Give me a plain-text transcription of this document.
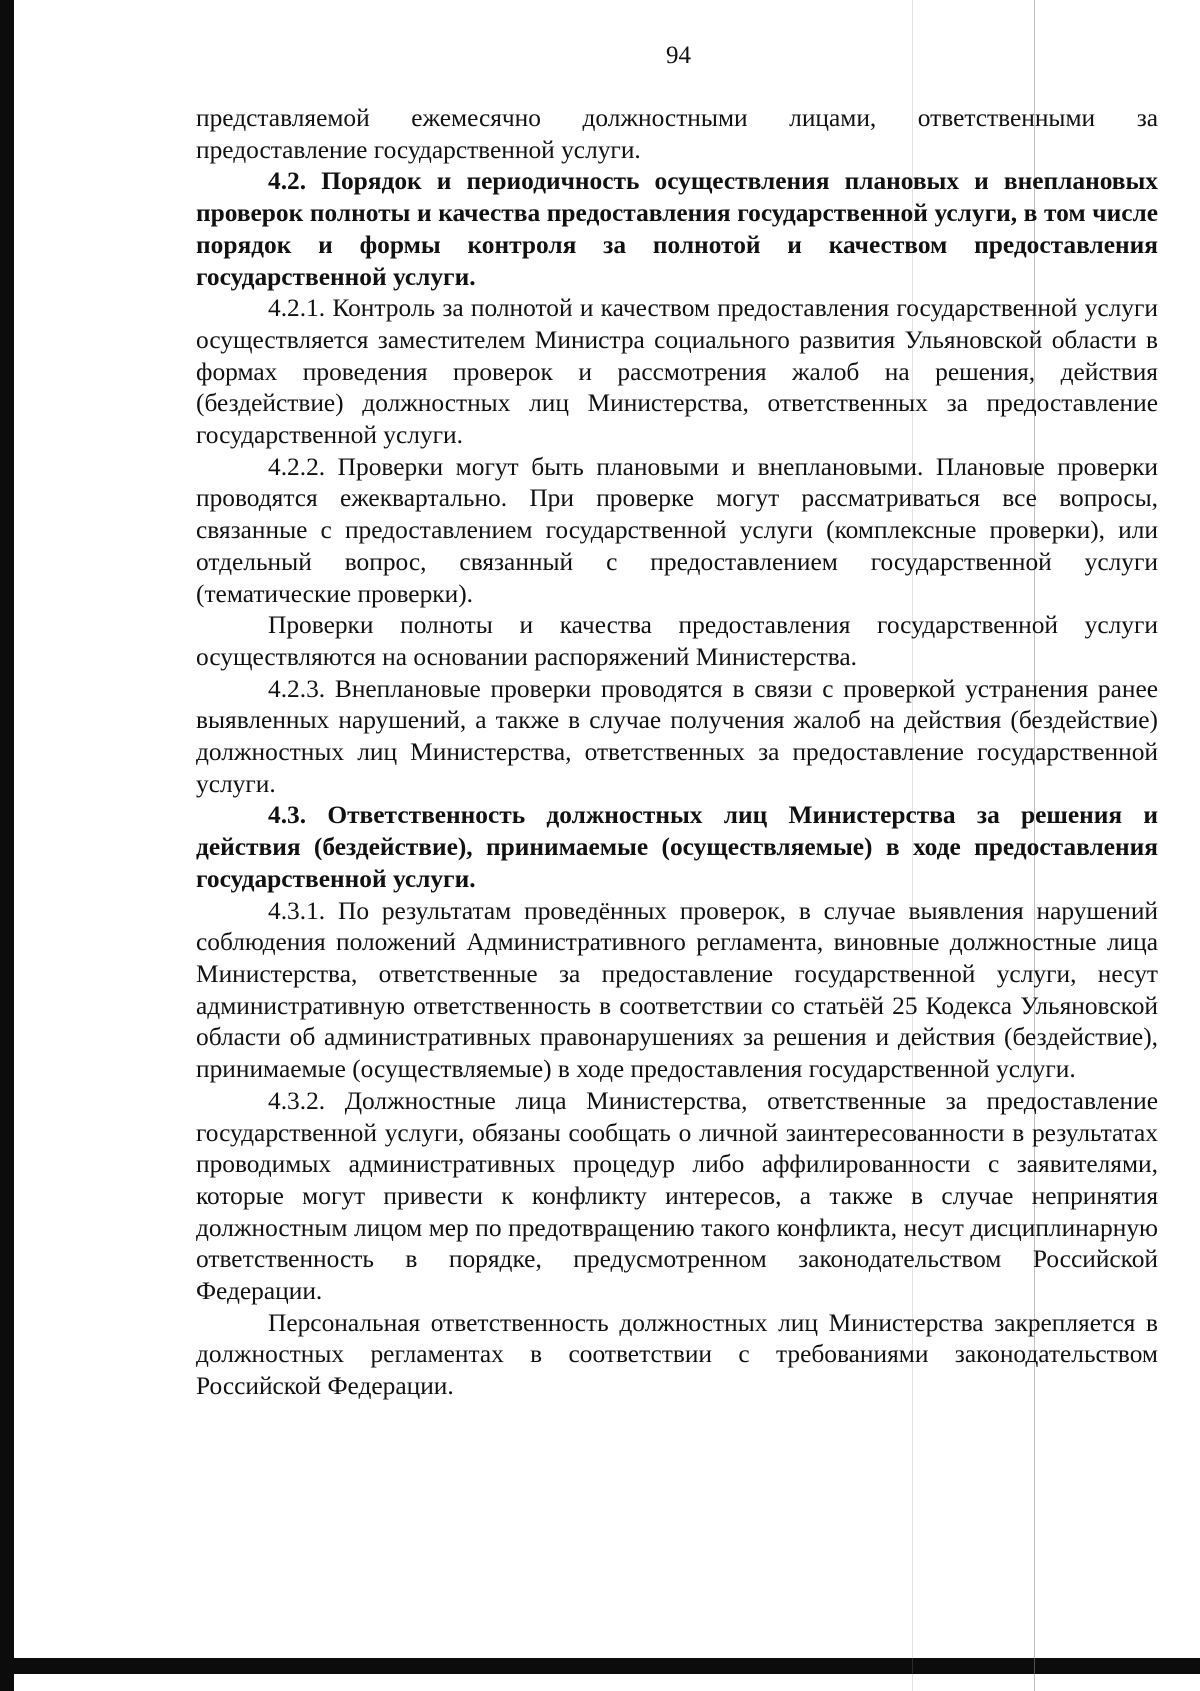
94

представляемой ежемесячно должностными лицами, ответственными за предоставление государственной услуги.

4.2. Порядок и периодичность осуществления плановых и внеплановых проверок полноты и качества предоставления государственной услуги, в том числе порядок и формы контроля за полнотой и качеством предоставления государственной услуги.

4.2.1. Контроль за полнотой и качеством предоставления государственной услуги осуществляется заместителем Министра социального развития Ульяновской области в формах проведения проверок и рассмотрения жалоб на решения, действия (бездействие) должностных лиц Министерства, ответственных за предоставление государственной услуги.

4.2.2. Проверки могут быть плановыми и внеплановыми. Плановые проверки проводятся ежеквартально. При проверке могут рассматриваться все вопросы, связанные с предоставлением государственной услуги (комплексные проверки), или отдельный вопрос, связанный с предоставлением государственной услуги (тематические проверки).

Проверки полноты и качества предоставления государственной услуги осуществляются на основании распоряжений Министерства.

4.2.3. Внеплановые проверки проводятся в связи с проверкой устранения ранее выявленных нарушений, а также в случае получения жалоб на действия (бездействие) должностных лиц Министерства, ответственных за предоставление государственной услуги.

4.3. Ответственность должностных лиц Министерства за решения и действия (бездействие), принимаемые (осуществляемые) в ходе предоставления государственной услуги.

4.3.1. По результатам проведённых проверок, в случае выявления нарушений соблюдения положений Административного регламента, виновные должностные лица Министерства, ответственные за предоставление государственной услуги, несут административную ответственность в соответствии со статьёй 25 Кодекса Ульяновской области об административных правонарушениях за решения и действия (бездействие), принимаемые (осуществляемые) в ходе предоставления государственной услуги.

4.3.2. Должностные лица Министерства, ответственные за предоставление государственной услуги, обязаны сообщать о личной заинтересованности в результатах проводимых административных процедур либо аффилированности с заявителями, которые могут привести к конфликту интересов, а также в случае непринятия должностным лицом мер по предотвращению такого конфликта, несут дисциплинарную ответственность в порядке, предусмотренном законодательством Российской Федерации.

Персональная ответственность должностных лиц Министерства закрепляется в должностных регламентах в соответствии с требованиями законодательством Российской Федерации.
